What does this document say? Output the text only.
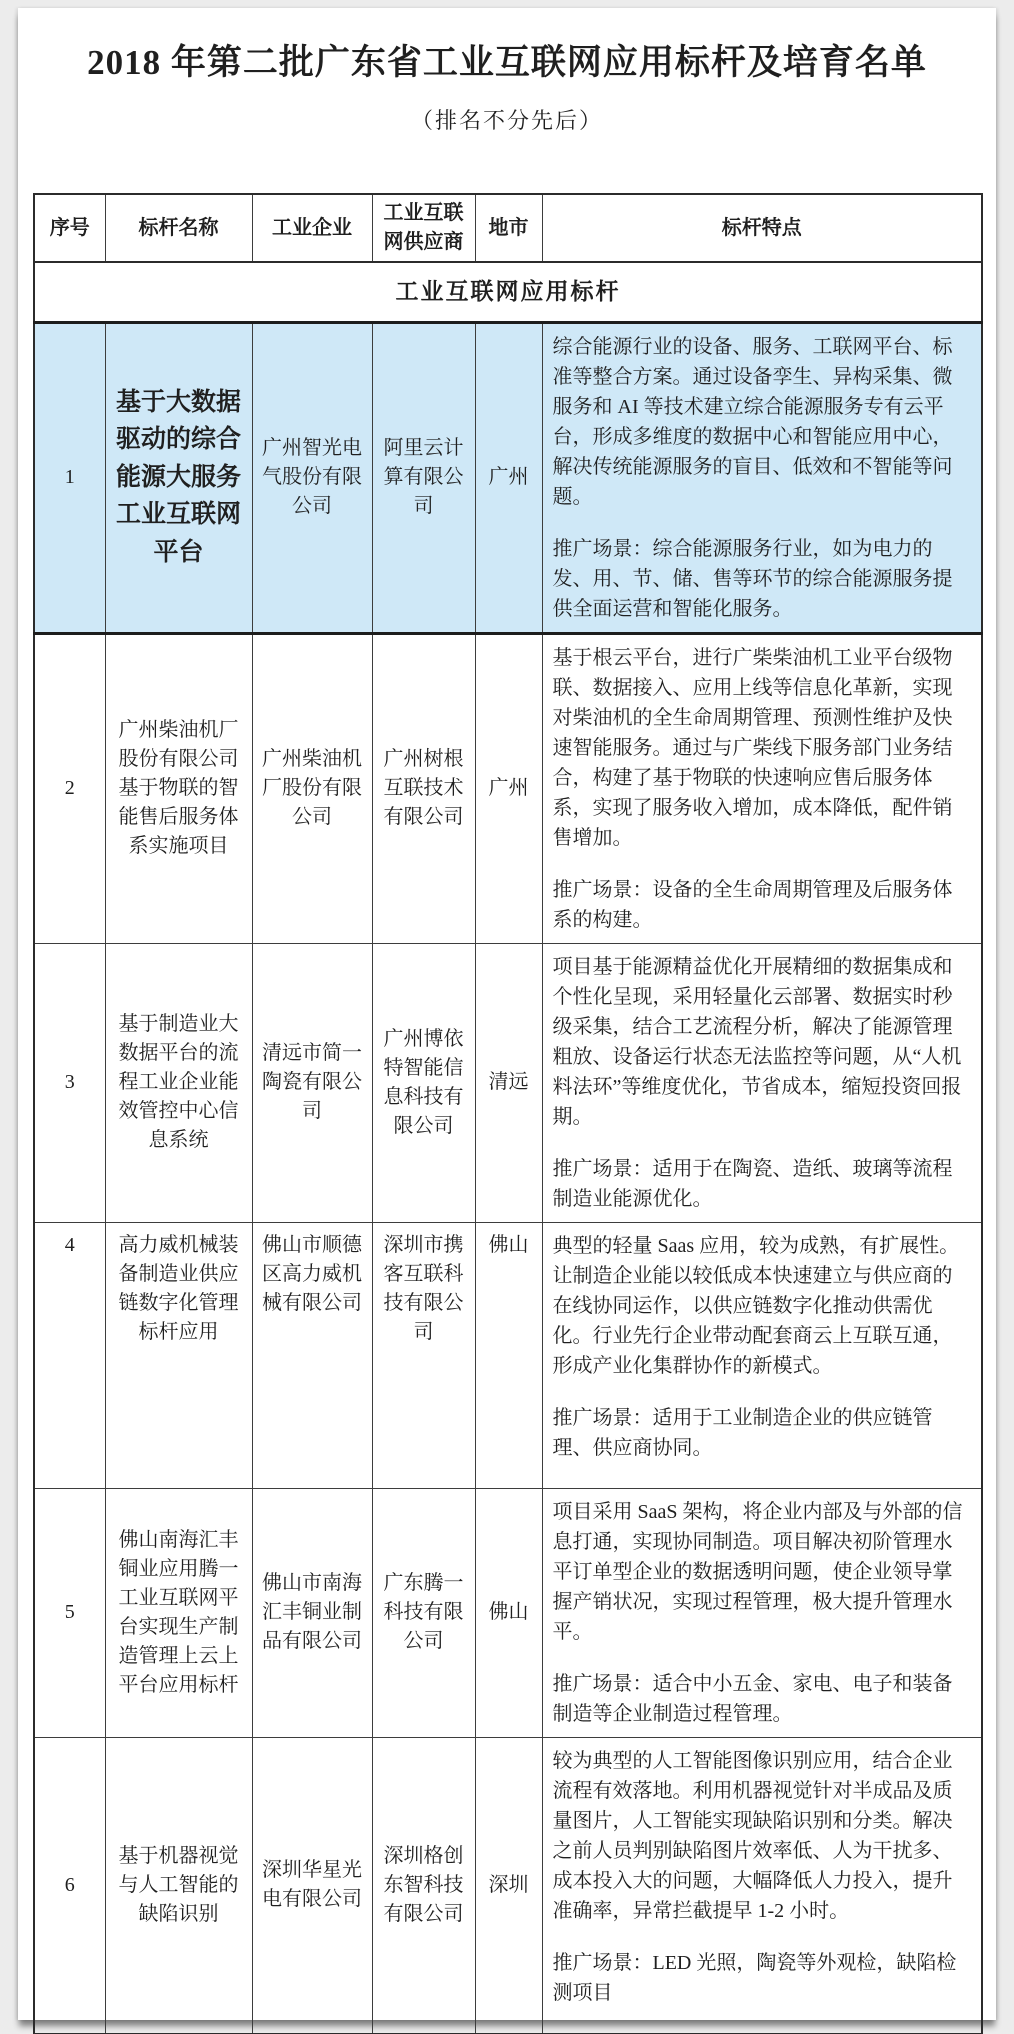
2018 年第二批广东省工业互联网应用标杆及培育名单
（排名不分先后）
序号	标杆名称	工业企业	工业互联网供应商	地市	标杆特点
工业互联网应用标杆					
1	基于大数据驱动的综合能源大服务工业互联网平台	广州智光电气股份有限公司	阿里云计算有限公司	广州	综合能源行业的设备、服务、工联网平台、标准等整合方案。通过设备孪生、异构采集、微服务和 AI 等技术建立综合能源服务专有云平台，形成多维度的数据中心和智能应用中心，解决传统能源服务的盲目、低效和不智能等问题。

推广场景：综合能源服务行业，如为电力的发、用、节、储、售等环节的综合能源服务提供全面运营和智能化服务。

2	广州柴油机厂股份有限公司基于物联的智能售后服务体系实施项目	广州柴油机厂股份有限公司	广州树根互联技术有限公司	广州	基于根云平台，进行广柴柴油机工业平台级物联、数据接入、应用上线等信息化革新，实现对柴油机的全生命周期管理、预测性维护及快速智能服务。通过与广柴线下服务部门业务结合，构建了基于物联的快速响应售后服务体系，实现了服务收入增加，成本降低，配件销售增加。

推广场景：设备的全生命周期管理及后服务体系的构建。

3	基于制造业大数据平台的流程工业企业能效管控中心信息系统	清远市简一陶瓷有限公司	广州博依特智能信息科技有限公司	清远	项目基于能源精益优化开展精细的数据集成和个性化呈现，采用轻量化云部署、数据实时秒级采集，结合工艺流程分析，解决了能源管理粗放、设备运行状态无法监控等问题，从“人机料法环”等维度优化，节省成本，缩短投资回报期。

推广场景：适用于在陶瓷、造纸、玻璃等流程制造业能源优化。

4	高力威机械装备制造业供应链数字化管理标杆应用	佛山市顺德区高力威机械有限公司	深圳市携客互联科技有限公司	佛山	典型的轻量 Saas 应用，较为成熟，有扩展性。让制造企业能以较低成本快速建立与供应商的在线协同运作，以供应链数字化推动供需优化。行业先行企业带动配套商云上互联互通，形成产业化集群协作的新模式。

推广场景：适用于工业制造企业的供应链管理、供应商协同。

5	佛山南海汇丰铜业应用腾一工业互联网平台实现生产制造管理上云上平台应用标杆	佛山市南海汇丰铜业制品有限公司	广东腾一科技有限公司	佛山	项目采用 SaaS 架构，将企业内部及与外部的信息打通，实现协同制造。项目解决初阶管理水平订单型企业的数据透明问题，使企业领导掌握产销状况，实现过程管理，极大提升管理水平。

推广场景：适合中小五金、家电、电子和装备制造等企业制造过程管理。

6	基于机器视觉与人工智能的缺陷识别	深圳华星光电有限公司	深圳格创东智科技有限公司	深圳	较为典型的人工智能图像识别应用，结合企业流程有效落地。利用机器视觉针对半成品及质量图片，人工智能实现缺陷识别和分类。解决之前人员判别缺陷图片效率低、人为干扰多、成本投入大的问题，大幅降低人力投入，提升准确率，异常拦截提早 1-2 小时。

推广场景：LED 光照，陶瓷等外观检，缺陷检测项目
